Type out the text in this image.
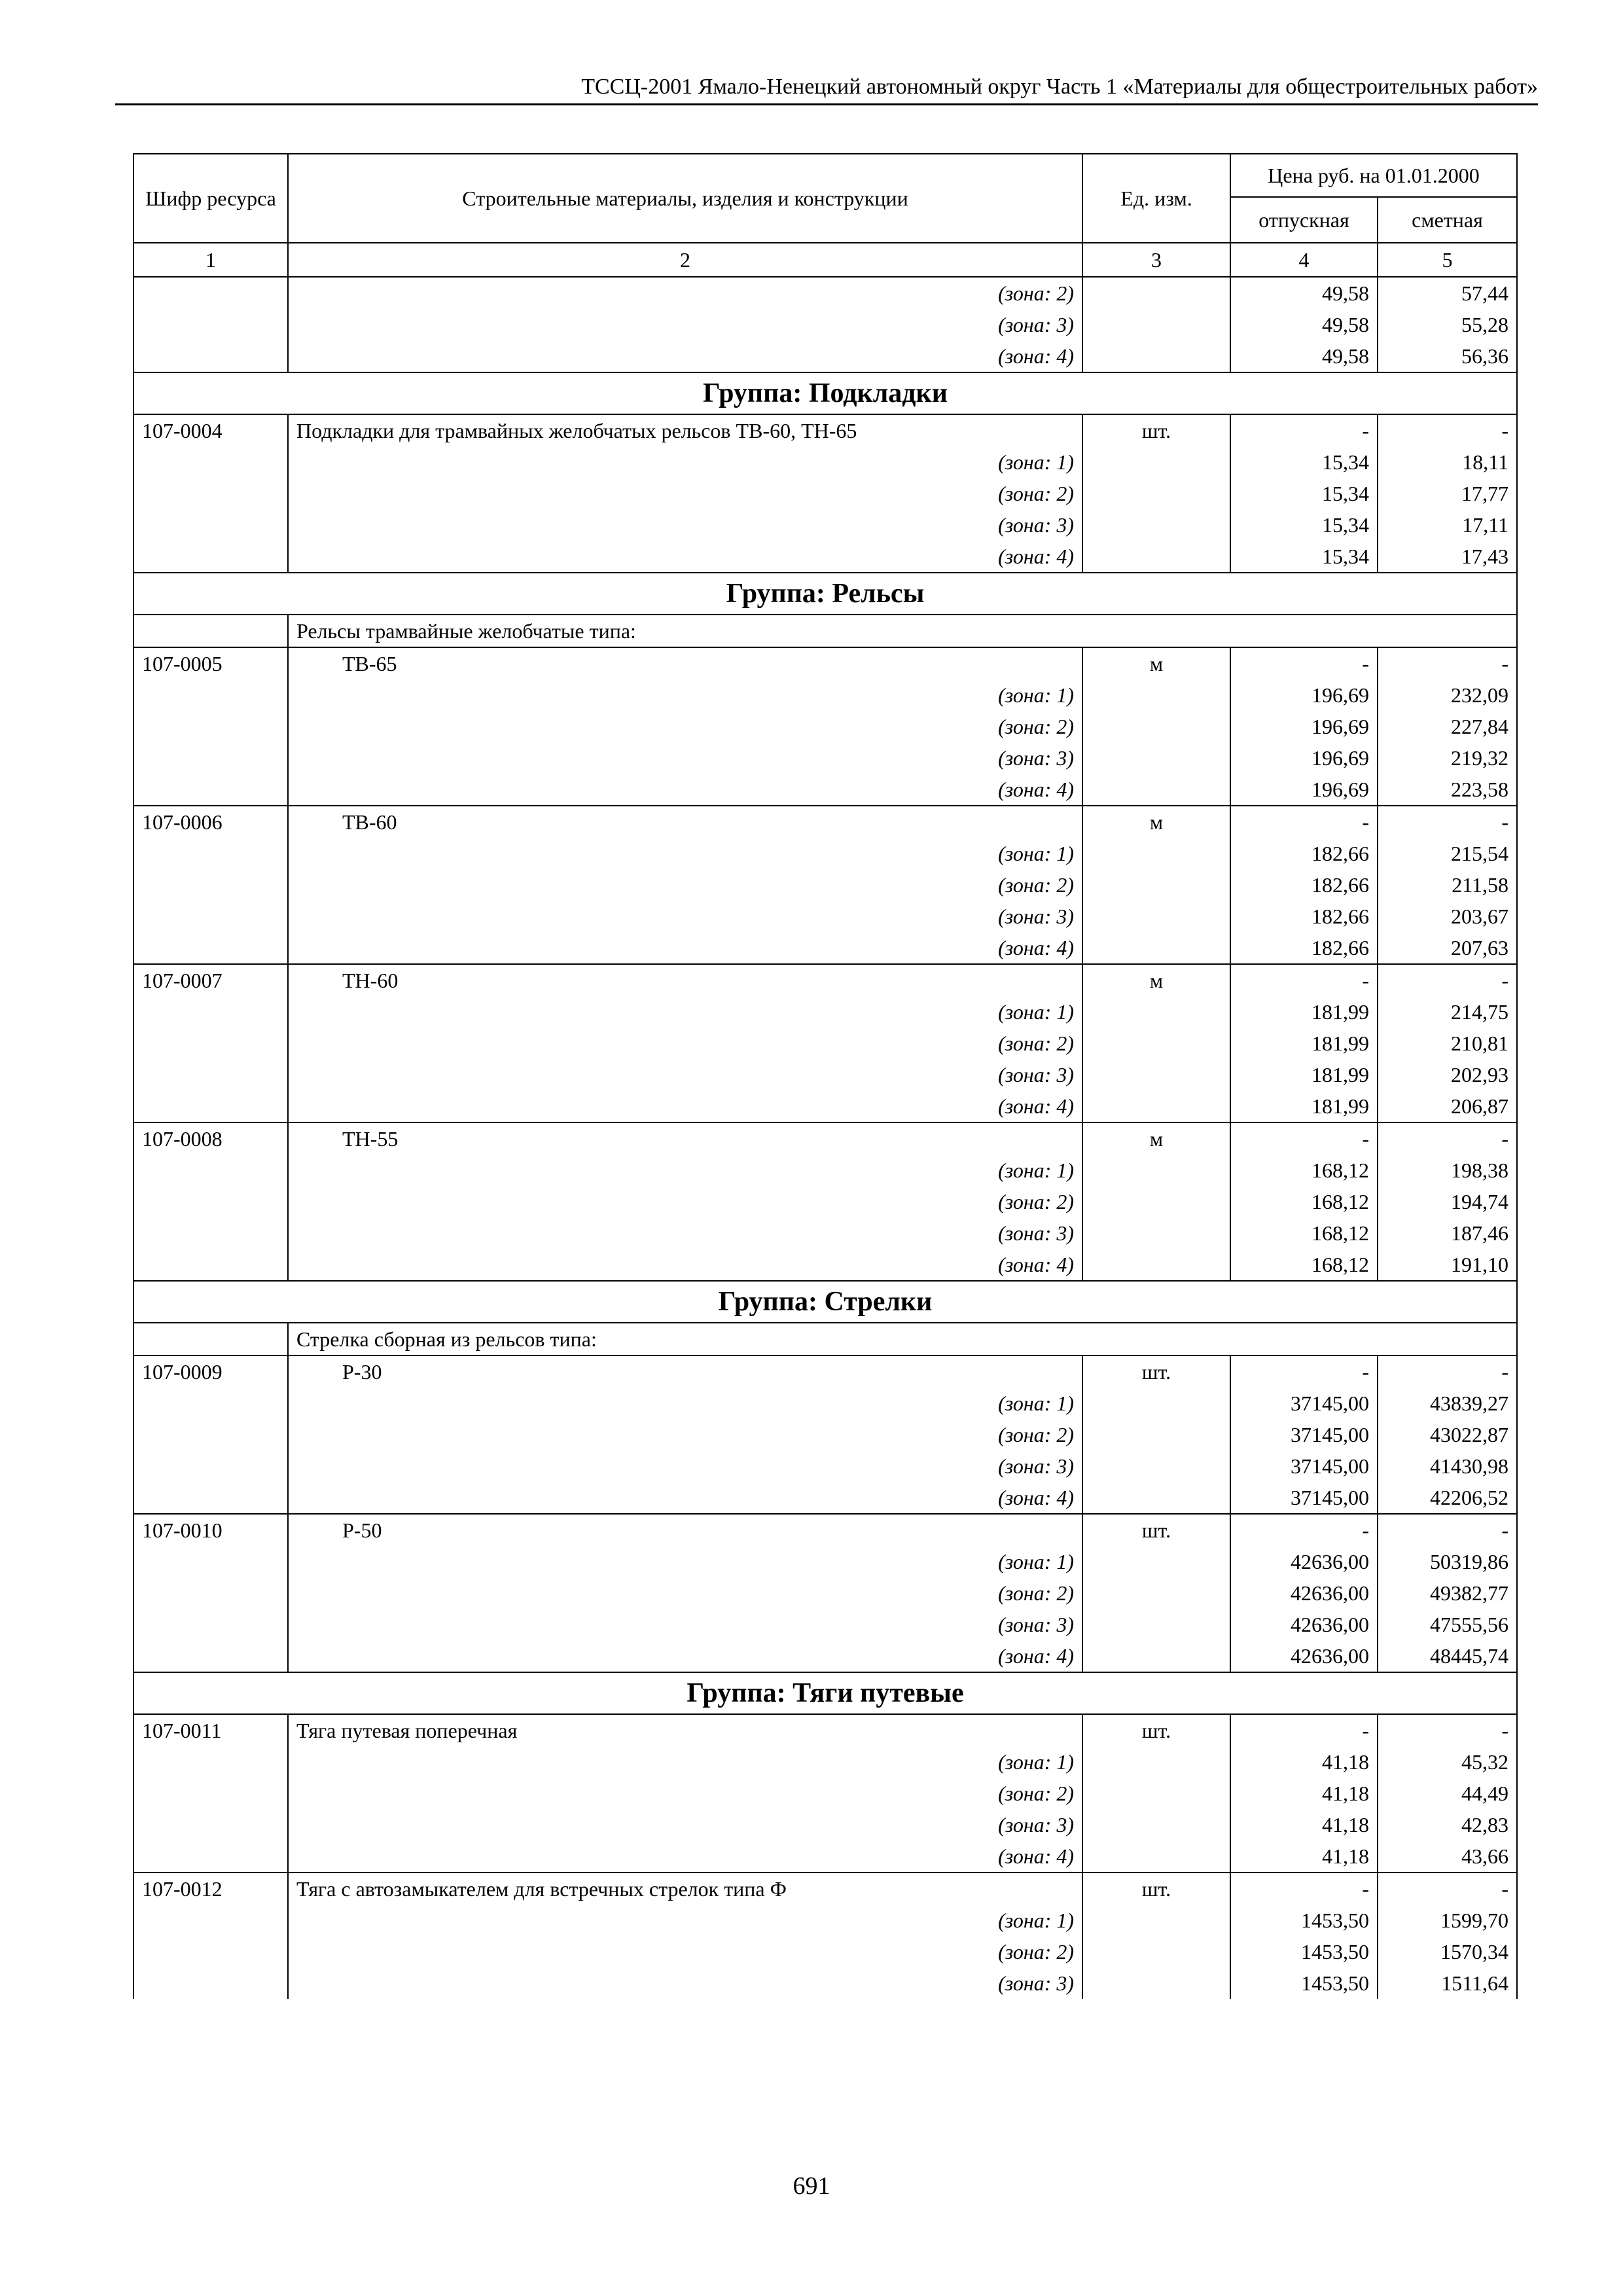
ТССЦ-2001 Ямало-Ненецкий автономный округ Часть 1 «Материалы для общестроительных работ»
Шифр ресурса	Строительные материалы, изделия и конструкции	Ед. изм.	Цена руб. на 01.01.2000	
			отпускная	сметная
1	2	3	4	5
	(зона: 2)		49,58	57,44
	(зона: 3)		49,58	55,28
	(зона: 4)		49,58	56,36
Группа: Подкладки				
107-0004	Подкладки для трамвайных желобчатых рельсов ТВ-60, ТН-65	шт.	-	-
	(зона: 1)		15,34	18,11
	(зона: 2)		15,34	17,77
	(зона: 3)		15,34	17,11
	(зона: 4)		15,34	17,43
Группа: Рельсы				
	Рельсы трамвайные желобчатые типа:			
107-0005	ТВ-65	м	-	-
	(зона: 1)		196,69	232,09
	(зона: 2)		196,69	227,84
	(зона: 3)		196,69	219,32
	(зона: 4)		196,69	223,58
107-0006	ТВ-60	м	-	-
	(зона: 1)		182,66	215,54
	(зона: 2)		182,66	211,58
	(зона: 3)		182,66	203,67
	(зона: 4)		182,66	207,63
107-0007	ТН-60	м	-	-
	(зона: 1)		181,99	214,75
	(зона: 2)		181,99	210,81
	(зона: 3)		181,99	202,93
	(зона: 4)		181,99	206,87
107-0008	ТН-55	м	-	-
	(зона: 1)		168,12	198,38
	(зона: 2)		168,12	194,74
	(зона: 3)		168,12	187,46
	(зона: 4)		168,12	191,10
Группа: Стрелки				
	Стрелка сборная из рельсов типа:			
107-0009	Р-30	шт.	-	-
	(зона: 1)		37145,00	43839,27
	(зона: 2)		37145,00	43022,87
	(зона: 3)		37145,00	41430,98
	(зона: 4)		37145,00	42206,52
107-0010	Р-50	шт.	-	-
	(зона: 1)		42636,00	50319,86
	(зона: 2)		42636,00	49382,77
	(зона: 3)		42636,00	47555,56
	(зона: 4)		42636,00	48445,74
Группа: Тяги путевые				
107-0011	Тяга путевая поперечная	шт.	-	-
	(зона: 1)		41,18	45,32
	(зона: 2)		41,18	44,49
	(зона: 3)		41,18	42,83
	(зона: 4)		41,18	43,66
107-0012	Тяга с автозамыкателем для встречных стрелок типа Ф	шт.	-	-
	(зона: 1)		1453,50	1599,70
	(зона: 2)		1453,50	1570,34
	(зона: 3)		1453,50	1511,64
691
